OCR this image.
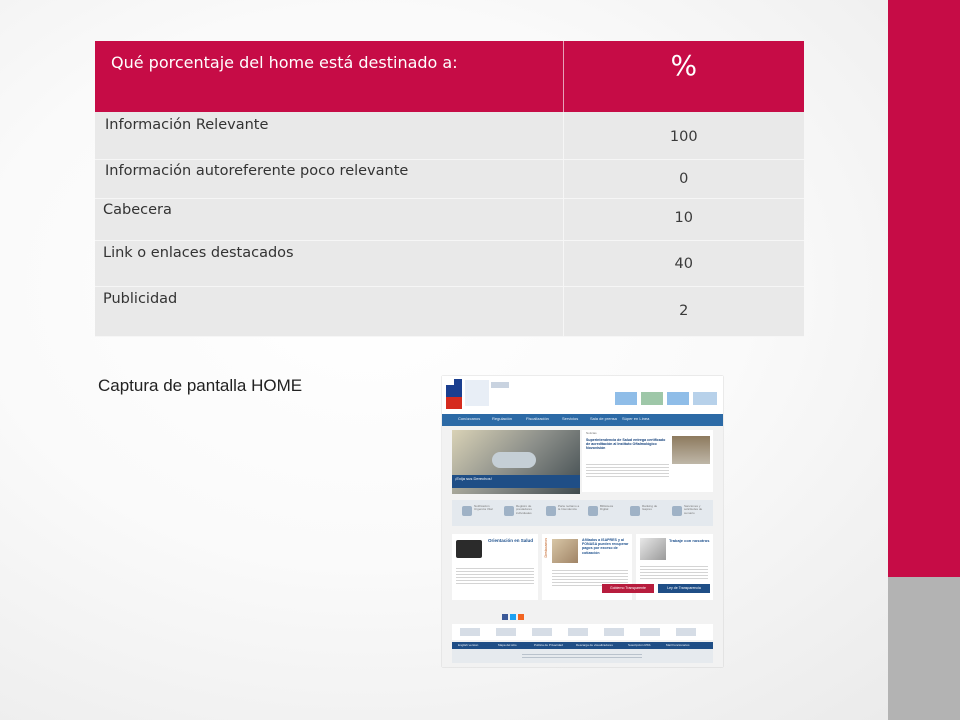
Qué porcentaje del home está destinado a:	%
Información Relevante	100
Información autoreferente poco relevante	0
Cabecera	10
Link o enlaces destacados	40
Publicidad	2
Captura de pantalla HOME
Conózcanos	Regulación	Fiscalización	Servicios	Sala de prensa Súper en Línea
¡Exija sus Derechos!
Noticias
Superintendencia de Salud entrega certificado de acreditación al Instituto Oftalmológico Novovisión
Notificación Urgencia Vital
Registro de prestadores individuales
Parte reclamo a la Intendencia
Biblioteca Digital
Ranking de Isapres
Sanciones y solicitudes de sumario
Orientación en Salud	Destacamos	Afiliados a ISAPRES y al FONASA pueden recuperar pagos por exceso de cotización
Trabaje con nosotros
Gobierno Transparente	Ley de Transparencia
English version	Mapa del sitio	Política de Privacidad	Descarga de visualizadores	Suscripción RSS	Mail Funcionarios
